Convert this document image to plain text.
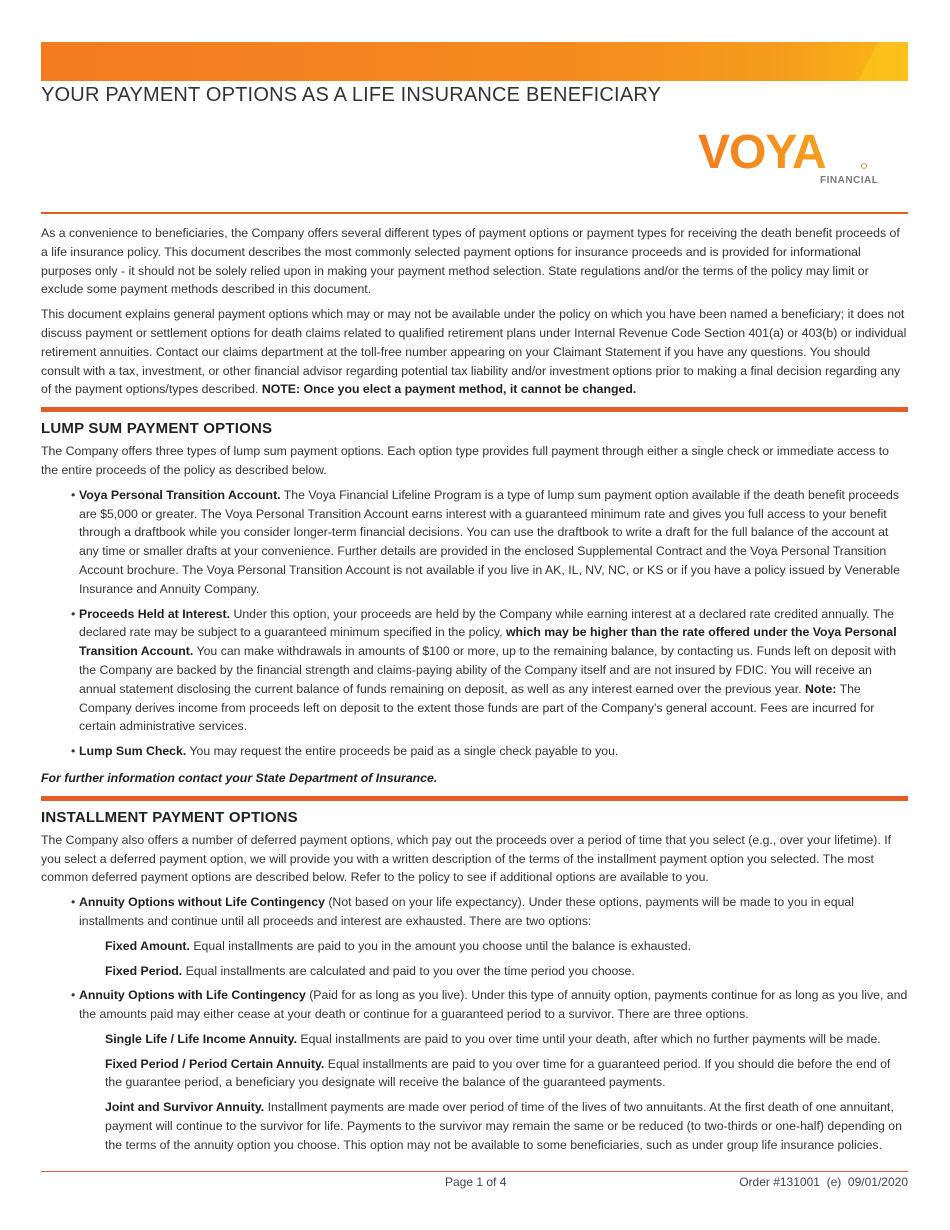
YOUR PAYMENT OPTIONS AS A LIFE INSURANCE BENEFICIARY
VOYA
FINANCIAL

As a convenience to beneficiaries, the Company offers several different types of payment options or payment types for receiving the death benefit proceeds of a life insurance policy. This document describes the most commonly selected payment options for insurance proceeds and is provided for informational purposes only - it should not be solely relied upon in making your payment method selection. State regulations and/or the terms of the policy may limit or exclude some payment methods described in this document.

This document explains general payment options which may or may not be available under the policy on which you have been named a beneficiary; it does not discuss payment or settlement options for death claims related to qualified retirement plans under Internal Revenue Code Section 401(a) or 403(b) or individual retirement annuities. Contact our claims department at the toll-free number appearing on your Claimant Statement if you have any questions. You should consult with a tax, investment, or other financial advisor regarding potential tax liability and/or investment options prior to making a final decision regarding any of the payment options/types described. NOTE: Once you elect a payment method, it cannot be changed.

LUMP SUM PAYMENT OPTIONS

The Company offers three types of lump sum payment options. Each option type provides full payment through either a single check or immediate access to the entire proceeds of the policy as described below.

• Voya Personal Transition Account. The Voya Financial Lifeline Program is a type of lump sum payment option available if the death benefit proceeds are $5,000 or greater. The Voya Personal Transition Account earns interest with a guaranteed minimum rate and gives you full access to your benefit through a draftbook while you consider longer-term financial decisions. You can use the draftbook to write a draft for the full balance of the account at any time or smaller drafts at your convenience. Further details are provided in the enclosed Supplemental Contract and the Voya Personal Transition Account brochure. The Voya Personal Transition Account is not available if you live in AK, IL, NV, NC, or KS or if you have a policy issued by Venerable Insurance and Annuity Company.
• Proceeds Held at Interest. Under this option, your proceeds are held by the Company while earning interest at a declared rate credited annually. The declared rate may be subject to a guaranteed minimum specified in the policy, which may be higher than the rate offered under the Voya Personal Transition Account. You can make withdrawals in amounts of $100 or more, up to the remaining balance, by contacting us. Funds left on deposit with the Company are backed by the financial strength and claims-paying ability of the Company itself and are not insured by FDIC. You will receive an annual statement disclosing the current balance of funds remaining on deposit, as well as any interest earned over the previous year. Note: The Company derives income from proceeds left on deposit to the extent those funds are part of the Company’s general account. Fees are incurred for certain administrative services.
• Lump Sum Check. You may request the entire proceeds be paid as a single check payable to you.
For further information contact your State Department of Insurance.
INSTALLMENT PAYMENT OPTIONS

The Company also offers a number of deferred payment options, which pay out the proceeds over a period of time that you select (e.g., over your lifetime). If you select a deferred payment option, we will provide you with a written description of the terms of the installment payment option you selected. The most common deferred payment options are described below. Refer to the policy to see if additional options are available to you.

• Annuity Options without Life Contingency (Not based on your life expectancy). Under these options, payments will be made to you in equal installments and continue until all proceeds and interest are exhausted. There are two options:

Fixed Amount. Equal installments are paid to you in the amount you choose until the balance is exhausted.

Fixed Period. Equal installments are calculated and paid to you over the time period you choose.

• Annuity Options with Life Contingency (Paid for as long as you live). Under this type of annuity option, payments continue for as long as you live, and the amounts paid may either cease at your death or continue for a guaranteed period to a survivor. There are three options.

Single Life / Life Income Annuity. Equal installments are paid to you over time until your death, after which no further payments will be made.

Fixed Period / Period Certain Annuity. Equal installments are paid to you over time for a guaranteed period. If you should die before the end of the guarantee period, a beneficiary you designate will receive the balance of the guaranteed payments.

Joint and Survivor Annuity. Installment payments are made over period of time of the lives of two annuitants. At the first death of one annuitant, payment will continue to the survivor for life. Payments to the survivor may remain the same or be reduced (to two-thirds or one-half) depending on the terms of the annuity option you choose. This option may not be available to some beneficiaries, such as under group life insurance policies.

Page 1 of 4	Order #131001  (e)  09/01/2020
